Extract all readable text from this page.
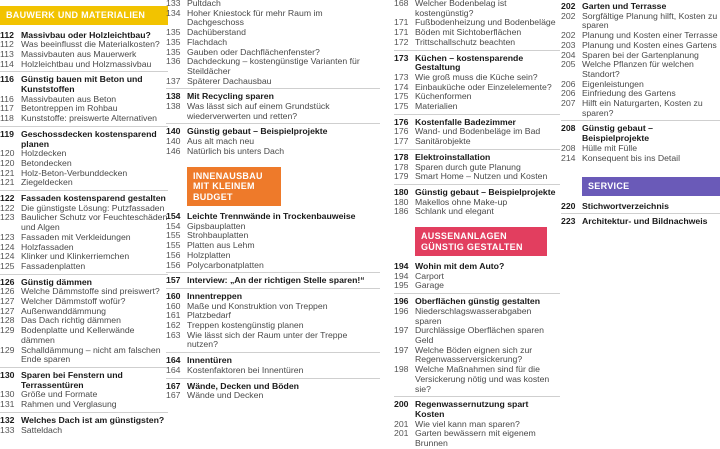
BAUWERK UND MATERIALIEN
112 Massivbau oder Holzleichtbau?
112 Was beeinflusst die Materialkosten?
113 Massivbauten aus Mauerwerk
114 Holzleichtbau und Holzmassivbau
116 Günstig bauen mit Beton und Kunststoffen
116 Massivbauten aus Beton
117 Betontreppen im Rohbau
118 Kunststoffe: preiswerte Alternativen
119 Geschossdecken kostensparend planen
120 Holzdecken
120 Betondecken
121 Holz-Beton-Verbunddecken
121 Ziegeldecken
122 Fassaden kostensparend gestalten
122 Die günstigste Lösung: Putzfassaden
123 Baulicher Schutz vor Feuchteschäden und Algen
123 Fassaden mit Verkleidungen
124 Holzfassaden
124 Klinker und Klinkerriemchen
125 Fassadenplatten
126 Günstig dämmen
126 Welche Dämmstoffe sind preiswert?
127 Welcher Dämmstoff wofür?
127 Außenwanddämmung
128 Das Dach richtig dämmen
129 Bodenplatte und Kellerwände dämmen
129 Schalldämmung – nicht am falschen Ende sparen
130 Sparen bei Fenstern und Terrassentüren
130 Größe und Formate
131 Rahmen und Verglasung
132 Welches Dach ist am günstigsten?
133 Satteldach
133 Pultdach
134 Hoher Kniestock für mehr Raum im Dachgeschoss
135 Dachüberstand
135 Flachdach
135 Gauben oder Dachflächenfenster?
136 Dachdeckung – kostengünstige Varianten für Steildächer
137 Späterer Dachausbau
138 Mit Recycling sparen
138 Was lässt sich auf einem Grundstück wiederverwerten und retten?
140 Günstig gebaut – Beispielprojekte
140 Aus alt mach neu
146 Natürlich bis unters Dach
INNENAUSBAU MIT KLEINEM BUDGET
154 Leichte Trennwände in Trockenbauweise
154 Gipsbauplatten
155 Strohbauplatten
155 Platten aus Lehm
156 Holzplatten
156 Polycarbonatplatten
157 Interview: „An der richtigen Stelle sparen!“
160 Innentreppen
160 Maße und Konstruktion von Treppen
161 Platzbedarf
162 Treppen kostengünstig planen
163 Wie lässt sich der Raum unter der Treppe nutzen?
164 Innentüren
164 Kostenfaktoren bei Innentüren
167 Wände, Decken und Böden
167 Wände und Decken
168 Welcher Bodenbelag ist kostengünstig?
171 Fußbodenheizung und Bodenbeläge
171 Böden mit Sichtoberflächen
172 Trittschallschutz beachten
173 Küchen – kostensparende Gestaltung
173 Wie groß muss die Küche sein?
174 Einbauküche oder Einzelelemente?
175 Küchenformen
175 Materialien
176 Kostenfalle Badezimmer
176 Wand- und Bodenbeläge im Bad
177 Sanitärobjekte
178 Elektroinstallation
178 Sparen durch gute Planung
179 Smart Home – Nutzen und Kosten
180 Günstig gebaut – Beispielprojekte
180 Makellos ohne Make-up
186 Schlank und elegant
AUSSENANLAGEN GÜNSTIG GESTALTEN
194 Wohin mit dem Auto?
194 Carport
195 Garage
196 Oberflächen günstig gestalten
196 Niederschlagswasserabgaben sparen
197 Durchlässige Oberflächen sparen Geld
197 Welche Böden eignen sich zur Regenwasserversickerung?
198 Welche Maßnahmen sind für die Versickerung nötig und was kosten sie?
200 Regenwassernutzung spart Kosten
201 Wie viel kann man sparen?
201 Garten bewässern mit eigenem Brunnen
202 Garten und Terrasse
202 Sorgfältige Planung hilft, Kosten zu sparen
202 Planung und Kosten einer Terrasse
203 Planung und Kosten eines Gartens
204 Sparen bei der Gartenplanung
205 Welche Pflanzen für welchen Standort?
206 Eigenleistungen
206 Einfriedung des Gartens
207 Hilft ein Naturgarten, Kosten zu sparen?
208 Günstig gebaut – Beispielprojekte
208 Hülle mit Fülle
214 Konsequent bis ins Detail
SERVICE
220 Stichwortverzeichnis
223 Architektur- und Bildnachweis
